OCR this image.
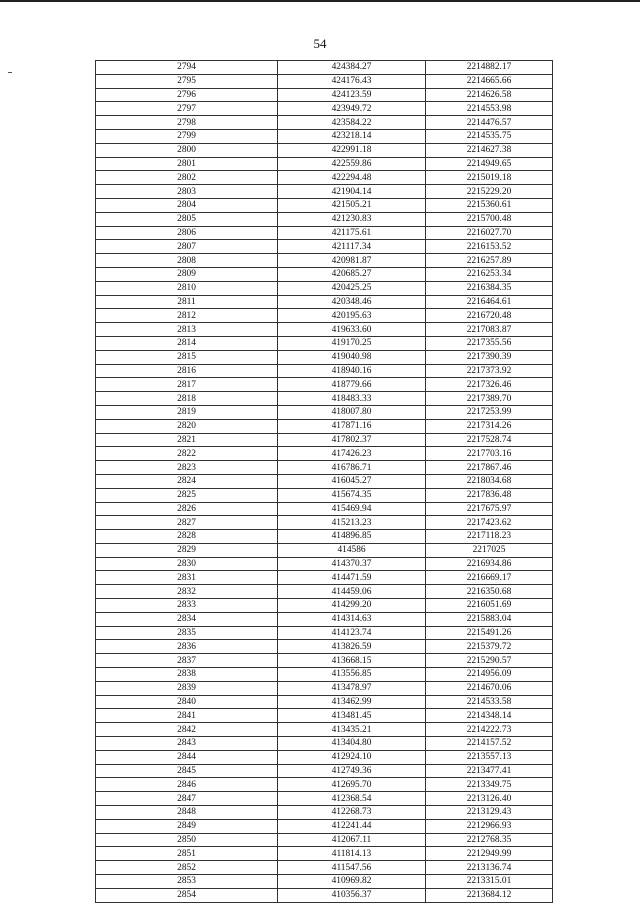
54
2794	424384.27	2214882.17
2795	424176.43	2214665.66
2796	424123.59	2214626.58
2797	423949.72	2214553.98
2798	423584.22	2214476.57
2799	423218.14	2214535.75
2800	422991.18	2214627.38
2801	422559.86	2214949.65
2802	422294.48	2215019.18
2803	421904.14	2215229.20
2804	421505.21	2215360.61
2805	421230.83	2215700.48
2806	421175.61	2216027.70
2807	421117.34	2216153.52
2808	420981.87	2216257.89
2809	420685.27	2216253.34
2810	420425.25	2216384.35
2811	420348.46	2216464.61
2812	420195.63	2216720.48
2813	419633.60	2217083.87
2814	419170.25	2217355.56
2815	419040.98	2217390.39
2816	418940.16	2217373.92
2817	418779.66	2217326.46
2818	418483.33	2217389.70
2819	418007.80	2217253.99
2820	417871.16	2217314.26
2821	417802.37	2217528.74
2822	417426.23	2217703.16
2823	416786.71	2217867.46
2824	416045.27	2218034.68
2825	415674.35	2217836.48
2826	415469.94	2217675.97
2827	415213.23	2217423.62
2828	414896.85	2217118.23
2829	414586	2217025
2830	414370.37	2216934.86
2831	414471.59	2216669.17
2832	414459.06	2216350.68
2833	414299.20	2216051.69
2834	414314.63	2215883.04
2835	414123.74	2215491.26
2836	413826.59	2215379.72
2837	413668.15	2215290.57
2838	413556.85	2214956.09
2839	413478.97	2214670.06
2840	413462.99	2214533.58
2841	413481.45	2214348.14
2842	413435.21	2214222.73
2843	413404.80	2214157.52
2844	412924.10	2213557.13
2845	412749.36	2213477.41
2846	412695.70	2213349.75
2847	412368.54	2213126.40
2848	412268.73	2213129.43
2849	412241.44	2212966.93
2850	412067.11	2212768.35
2851	411814.13	2212949.99
2852	411547.56	2213136.74
2853	410969.82	2213315.01
2854	410356.37	2213684.12
